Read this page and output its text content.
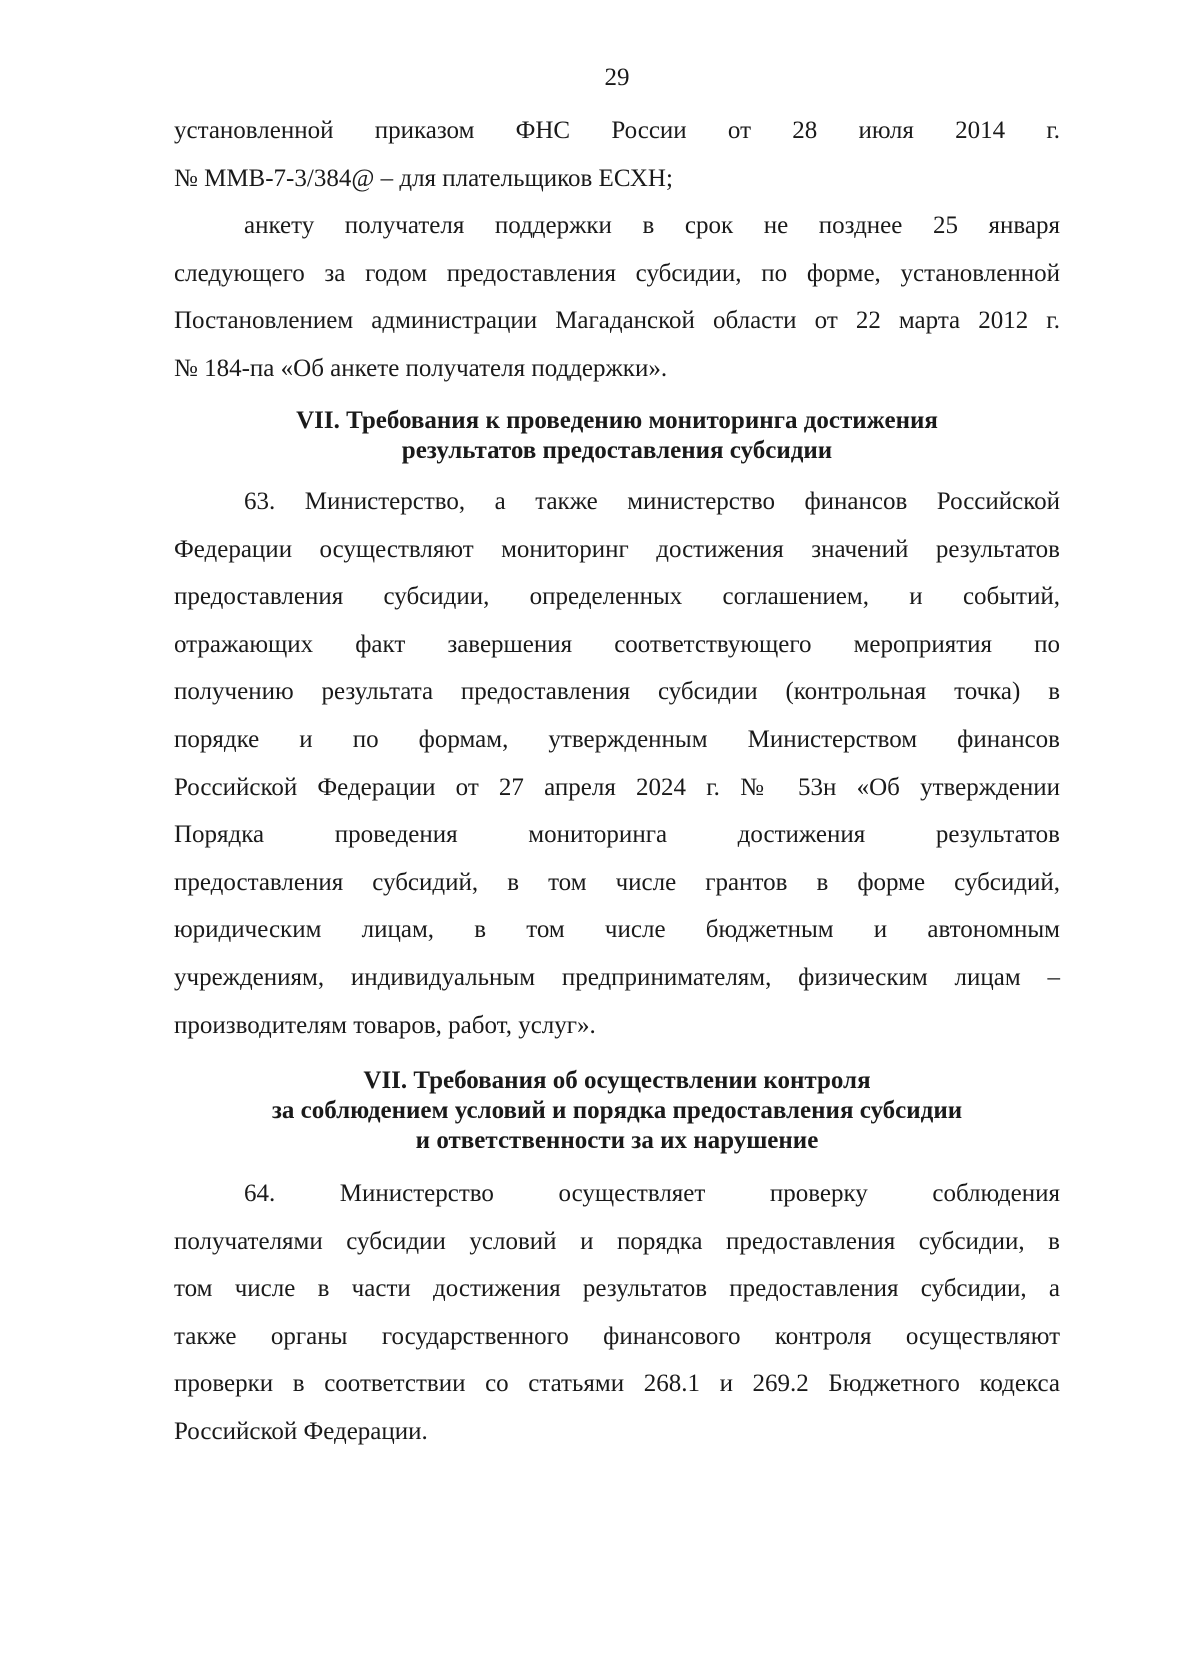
29
установленной приказом ФНС России от 28 июля 2014 г.
№ ММВ-7-3/384@ – для плательщиков ЕСХН;
анкету получателя поддержки в срок не позднее 25 января
следующего за годом предоставления субсидии, по форме, установленной
Постановлением администрации Магаданской области от 22 марта 2012 г.
№ 184-па «Об анкете получателя поддержки».
VII. Требования к проведению мониторинга достижения
результатов предоставления субсидии
63. Министерство, а также министерство финансов Российской
Федерации осуществляют мониторинг достижения значений результатов
предоставления субсидии, определенных соглашением, и событий,
отражающих факт завершения соответствующего мероприятия по
получению результата предоставления субсидии (контрольная точка) в
порядке и по формам, утвержденным Министерством финансов
Российской Федерации от 27 апреля 2024 г. № 53н «Об утверждении
Порядка проведения мониторинга достижения результатов
предоставления субсидий, в том числе грантов в форме субсидий,
юридическим лицам, в том числе бюджетным и автономным
учреждениям, индивидуальным предпринимателям, физическим лицам –
производителям товаров, работ, услуг».
VII. Требования об осуществлении контроля
за соблюдением условий и порядка предоставления субсидии
и ответственности за их нарушение
64. Министерство осуществляет проверку соблюдения
получателями субсидии условий и порядка предоставления субсидии, в
том числе в части достижения результатов предоставления субсидии, а
также органы государственного финансового контроля осуществляют
проверки в соответствии со статьями 268.1 и 269.2 Бюджетного кодекса
Российской Федерации.
